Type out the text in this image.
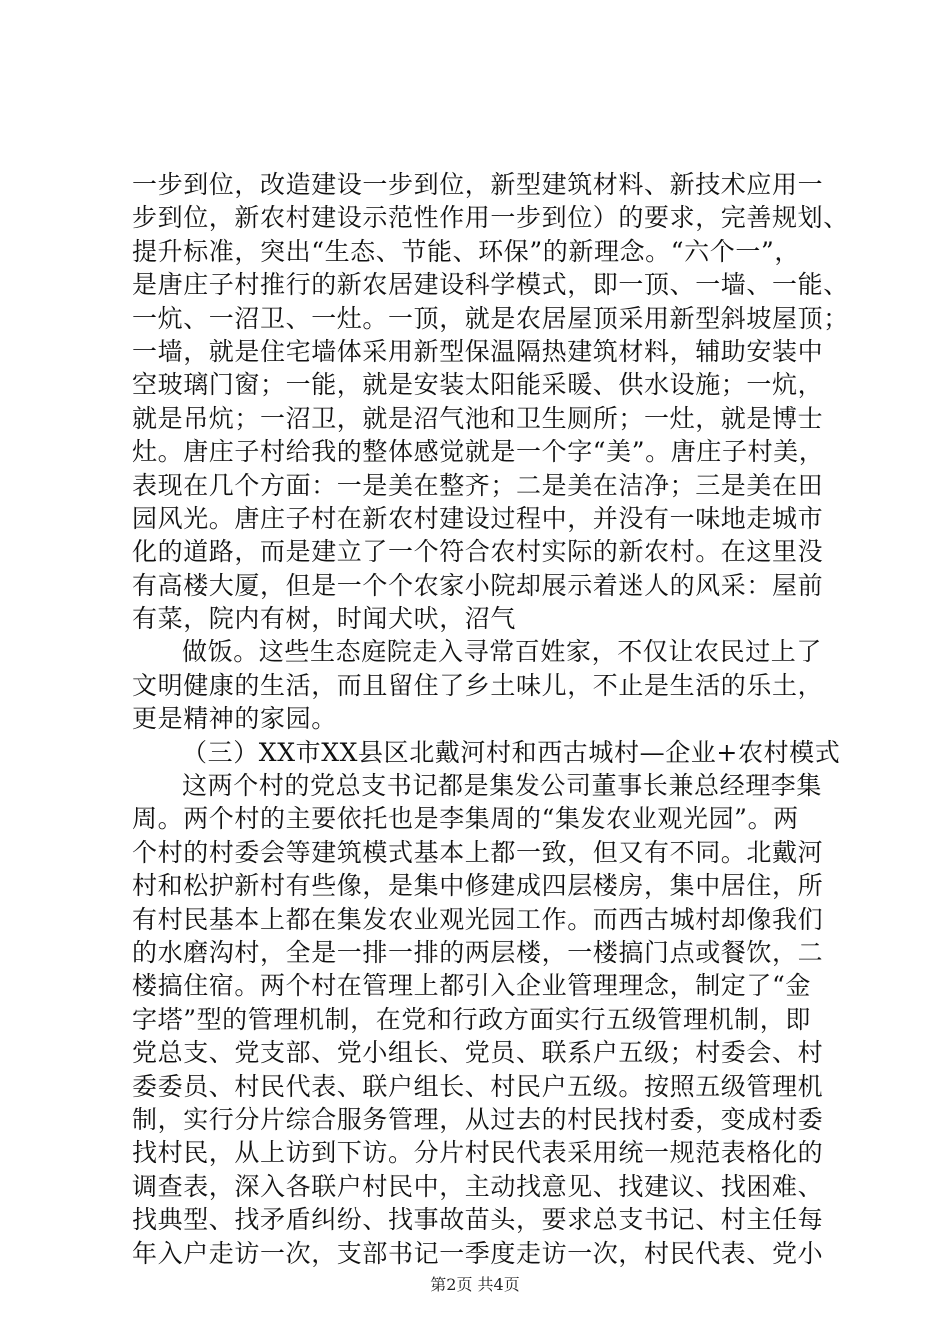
一步到位，改造建设一步到位，新型建筑材料、新技术应用一
步到位，新农村建设示范性作用一步到位）的要求，完善规划、
提升标准，突出“生态、节能、环保”的新理念。“六个一”，
是唐庄子村推行的新农居建设科学模式，即一顶、一墙、一能、
一炕、一沼卫、一灶。一顶，就是农居屋顶采用新型斜坡屋顶；
一墙，就是住宅墙体采用新型保温隔热建筑材料，辅助安装中
空玻璃门窗；一能，就是安装太阳能采暖、供水设施；一炕，
就是吊炕；一沼卫，就是沼气池和卫生厕所；一灶，就是博士
灶。唐庄子村给我的整体感觉就是一个字“美”。唐庄子村美，
表现在几个方面：一是美在整齐；二是美在洁净；三是美在田
园风光。唐庄子村在新农村建设过程中，并没有一味地走城市
化的道路，而是建立了一个符合农村实际的新农村。在这里没
有高楼大厦，但是一个个农家小院却展示着迷人的风采：屋前
有菜，院内有树，时闻犬吠，沼气
做饭。这些生态庭院走入寻常百姓家，不仅让农民过上了
文明健康的生活，而且留住了乡土味儿，不止是生活的乐土，
更是精神的家园。
（三）XX市XX县区北戴河村和西古城村—企业+农村模式
这两个村的党总支书记都是集发公司董事长兼总经理李集
周。两个村的主要依托也是李集周的“集发农业观光园”。两
个村的村委会等建筑模式基本上都一致，但又有不同。北戴河
村和松护新村有些像，是集中修建成四层楼房，集中居住，所
有村民基本上都在集发农业观光园工作。而西古城村却像我们
的水磨沟村，全是一排一排的两层楼，一楼搞门点或餐饮，二
楼搞住宿。两个村在管理上都引入企业管理理念，制定了“金
字塔”型的管理机制，在党和行政方面实行五级管理机制，即
党总支、党支部、党小组长、党员、联系户五级；村委会、村
委委员、村民代表、联户组长、村民户五级。按照五级管理机
制，实行分片综合服务管理，从过去的村民找村委，变成村委
找村民，从上访到下访。分片村民代表采用统一规范表格化的
调查表，深入各联户村民中，主动找意见、找建议、找困难、
找典型、找矛盾纠纷、找事故苗头，要求总支书记、村主任每
年入户走访一次，支部书记一季度走访一次，村民代表、党小
第2页 共4页
